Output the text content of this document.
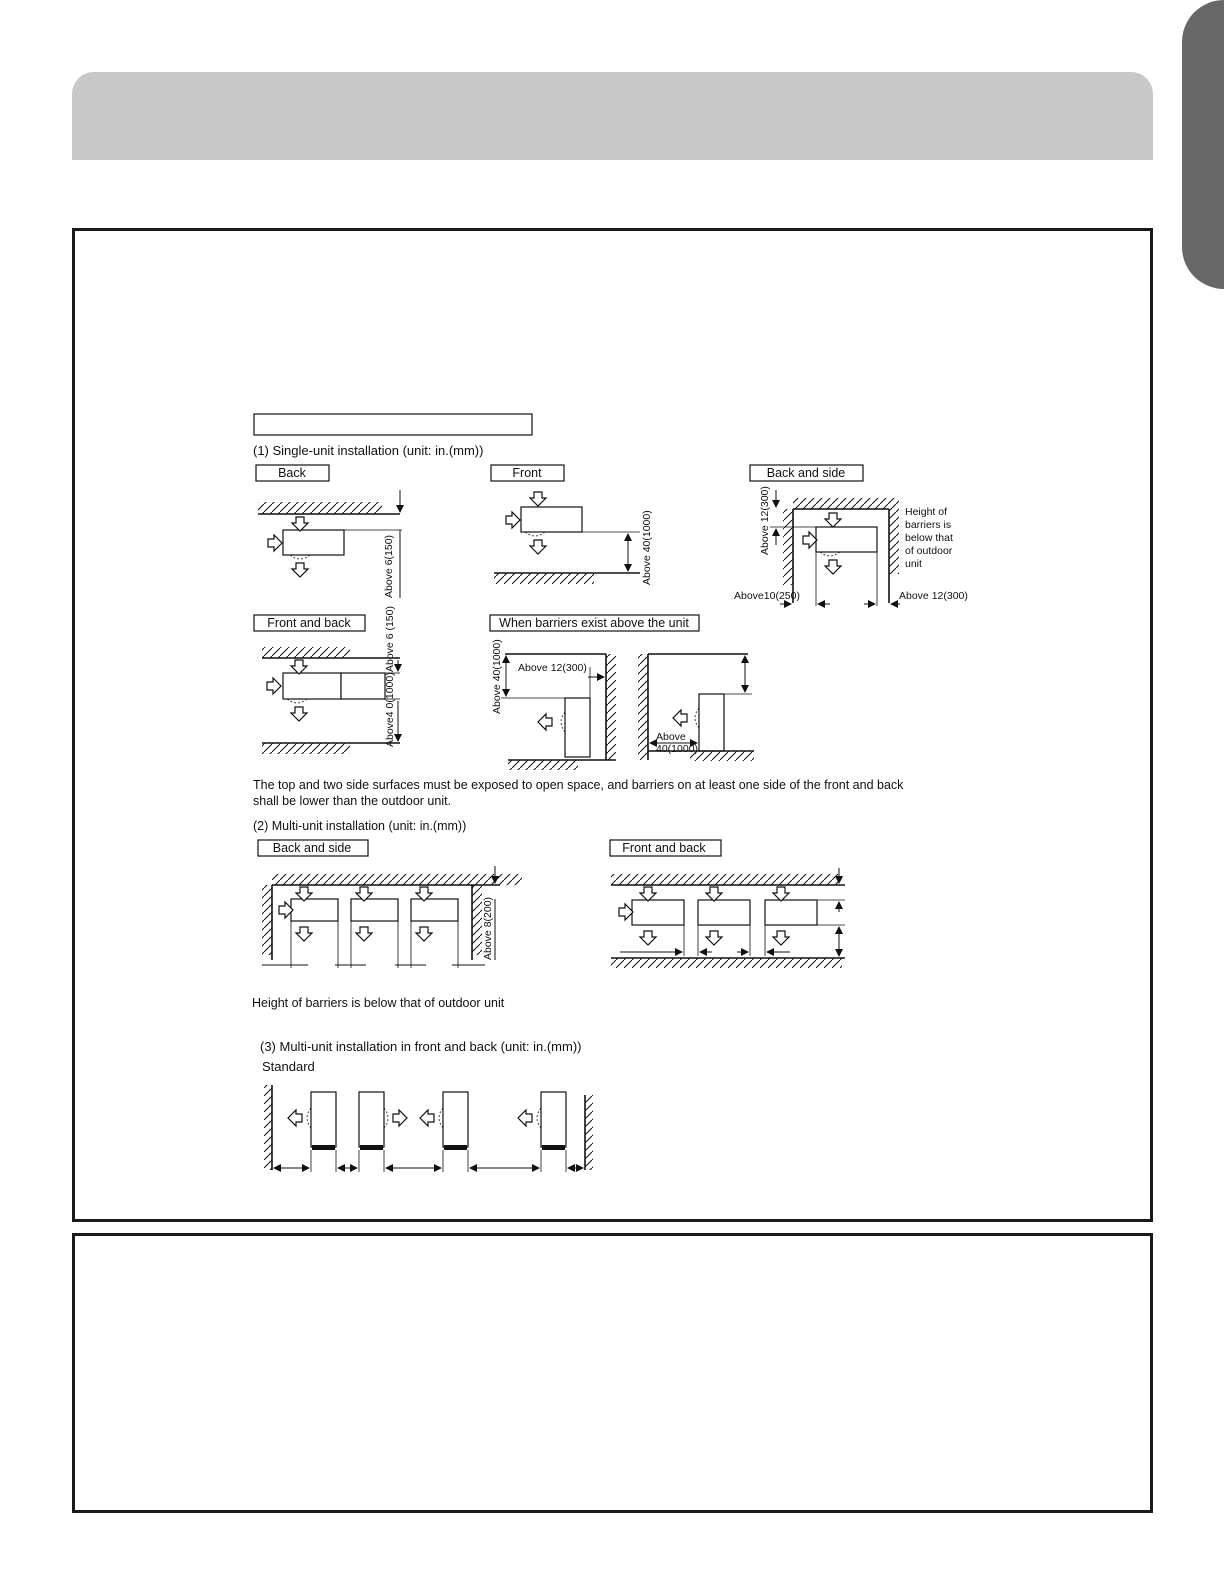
(1) Single-unit installation (unit: in.(mm))
Back
Above 6(150)
Front
Above 40(1000)
Back and side
Above 12(300)
Above10(250)	Above 12(300)
Height of
barriers is
below that
of outdoor
unit
Front and back	Above 6 (150)
Above4 0(1000)
When barriers exist above the unit
Above 40(1000) Above 12(300)
Above
40(1000)
The top and two side surfaces must be exposed to open space, and barriers on at least one side of the front and back
shall be lower than the outdoor unit.
(2) Multi-unit installation (unit: in.(mm))
Back and side
Above 8(200)
Front and back
Height of barriers is below that of outdoor unit
(3) Multi-unit installation in front and back (unit: in.(mm))
Standard
